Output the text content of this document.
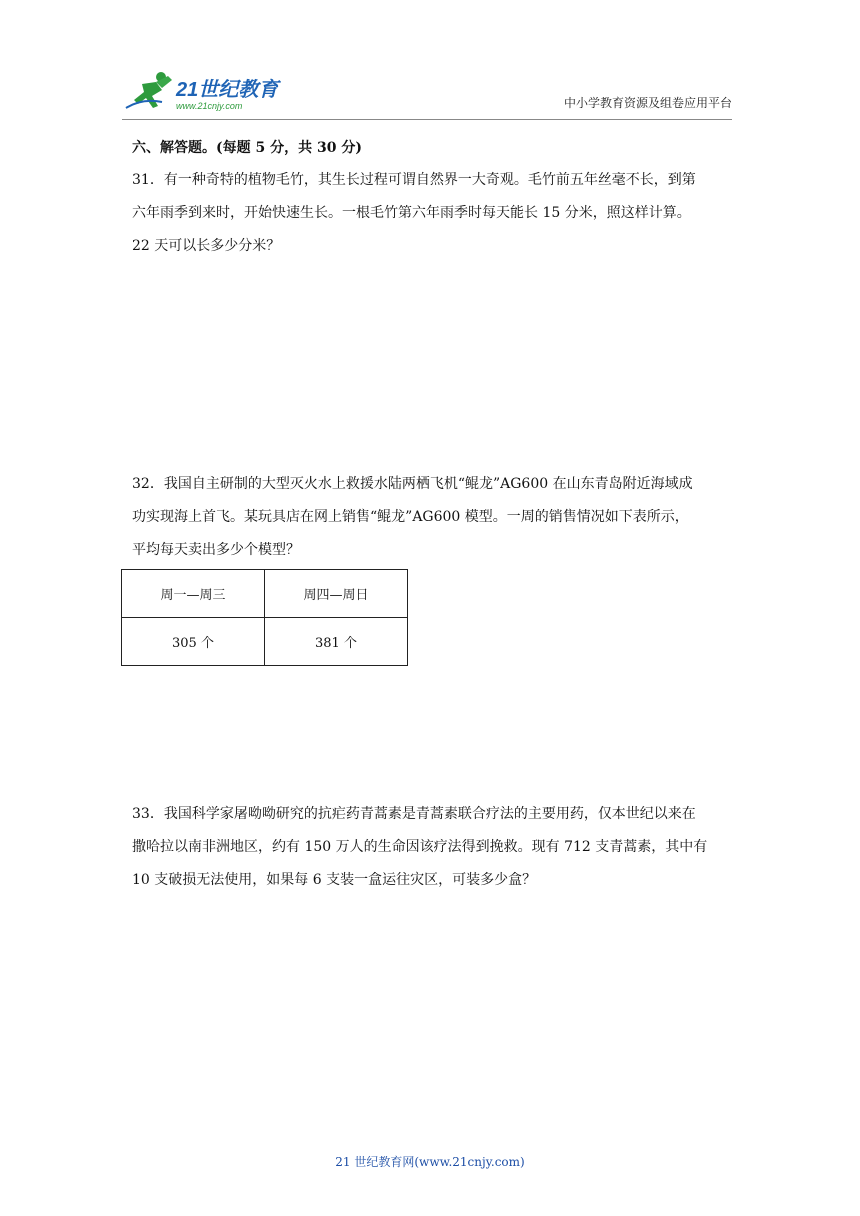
21世纪教育
www.21cnjy.com	中小学教育资源及组卷应用平台
六、解答题。(每题 5 分，共 30 分)

31．有一种奇特的植物毛竹，其生长过程可谓自然界一大奇观。毛竹前五年丝毫不长，到第

六年雨季到来时，开始快速生长。一根毛竹第六年雨季时每天能长 15 分米，照这样计算。

22 天可以长多少分米？

32．我国自主研制的大型灭火水上救援水陆两栖飞机“鲲龙”AG600 在山东青岛附近海域成

功实现海上首飞。某玩具店在网上销售“鲲龙”AG600 模型。一周的销售情况如下表所示，

平均每天卖出多少个模型？

周一—周三	周四—周日
305 个	381 个

33．我国科学家屠呦呦研究的抗疟药青蒿素是青蒿素联合疗法的主要用药，仅本世纪以来在

撒哈拉以南非洲地区，约有 150 万人的生命因该疗法得到挽救。现有 712 支青蒿素，其中有

10 支破损无法使用，如果每 6 支装一盒运往灾区，可装多少盒？

21 世纪教育网(www.21cnjy.com)
